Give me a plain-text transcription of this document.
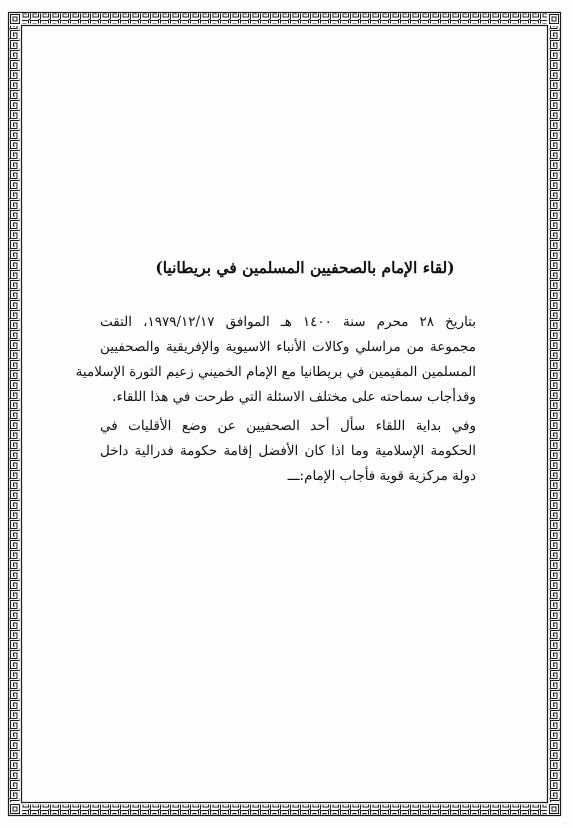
(لقاء الإمام بالصحفيين المسلمين في بريطانيا)

بتاريخ ٢٨ محرم سنة ١٤٠٠ هـ الموافق ١٩٧٩/١٢/١٧، التقت
مجموعة من مراسلي وكالات الأنباء الاسيوية والإفريقية والصحفيين
المسلمين المقيمين في بريطانيا مع الإمام الخميني زعيم الثورة الإسلامية
وقدأجاب سماحته على مختلف الاسئلة التي طرحت في هذا اللقاء.

وفي بداية اللقاء سأل أحد الصحفيين عن وضع الأقليات في
الحكومة الإسلامية وما اذا كان الأفضل إقامة حكومة فدرالية داخل
دولة مركزية قوية فأجاب الإمام:ـــ
